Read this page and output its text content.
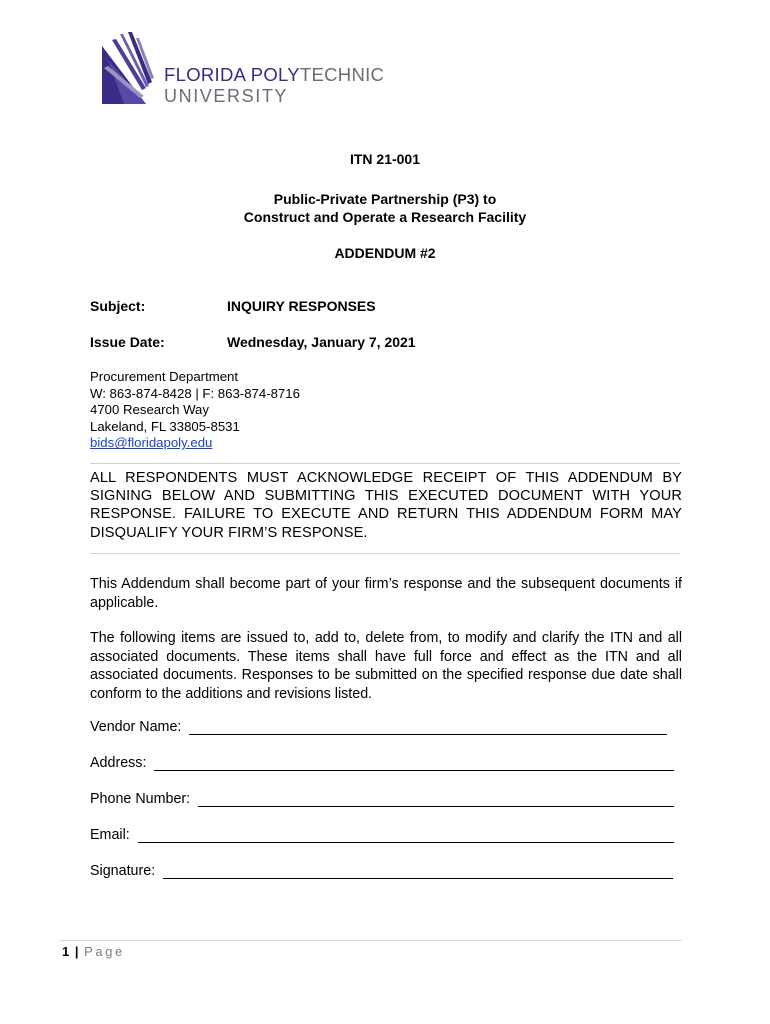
FLORIDA POLYTECHNIC
UNIVERSITY
ITN 21-001
Public-Private Partnership (P3) to
Construct and Operate a Research Facility
ADDENDUM #2
Subject:	INQUIRY RESPONSES
Issue Date:	Wednesday, January 7, 2021
Procurement Department
W: 863-874-8428 | F: 863-874-8716
4700 Research Way
Lakeland, FL 33805-8531
bids@floridapoly.edu
ALL RESPONDENTS MUST ACKNOWLEDGE RECEIPT OF THIS ADDENDUM BY SIGNING BELOW AND SUBMITTING THIS EXECUTED DOCUMENT WITH YOUR RESPONSE. FAILURE TO EXECUTE AND RETURN THIS ADDENDUM FORM MAY DISQUALIFY YOUR FIRM’S RESPONSE.
This Addendum shall become part of your firm’s response and the subsequent documents if applicable.
The following items are issued to, add to, delete from, to modify and clarify the ITN and all associated documents. These items shall have full force and effect as the ITN and all associated documents. Responses to be submitted on the specified response due date shall conform to the additions and revisions listed.
Vendor Name:
Address:
Phone Number:
Email:
Signature:
1 | Page
